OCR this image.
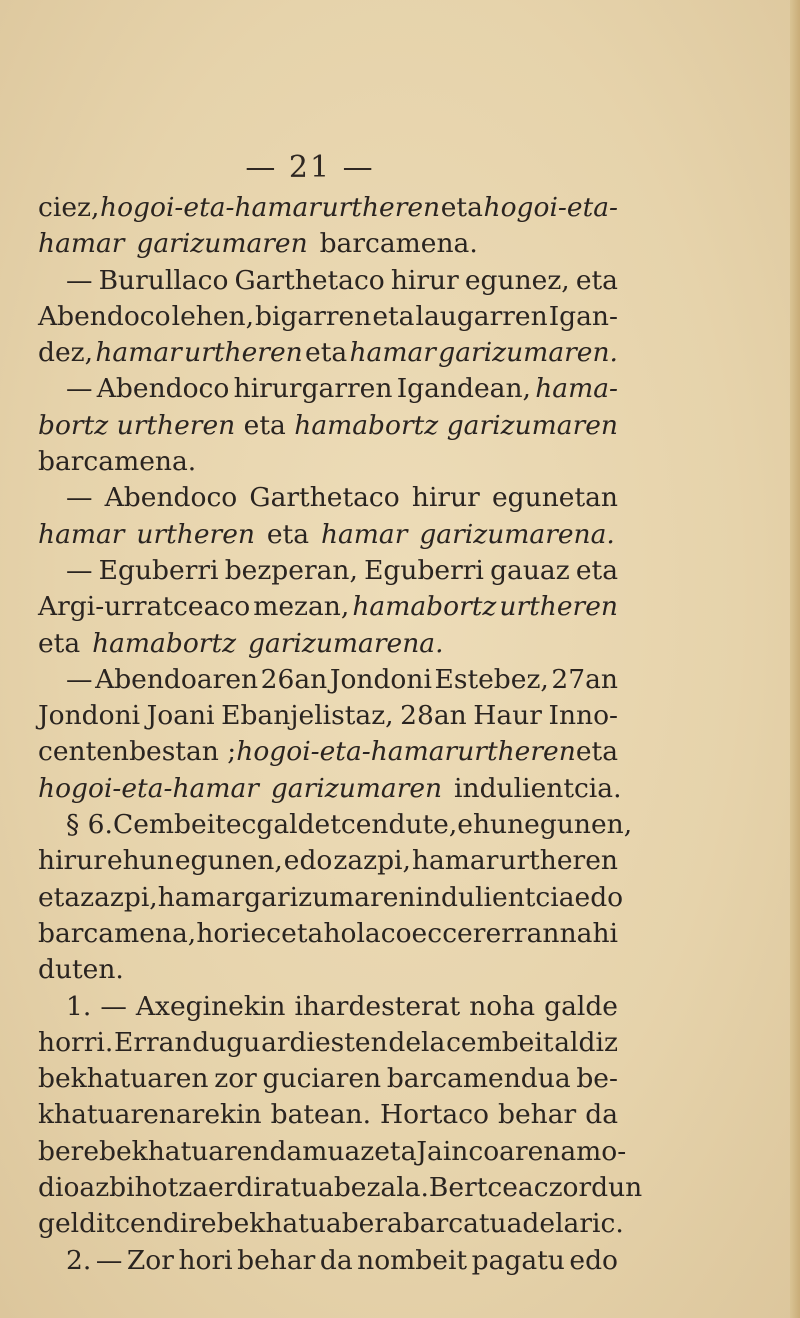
— 21 —
ciez, hogoi-eta-hamar urtheren eta hogoi-eta-
hamar garizumaren barcamena.
— Burullaco Garthetaco hirur egunez, eta
Abendoco lehen, bigarren eta laugarren Igan-
dez, hamar urtheren eta hamar garizumaren.
— Abendoco hirurgarren Igandean, hama-
bortz urtheren eta hamabortz garizumaren
barcamena.
— Abendoco Garthetaco hirur egunetan
hamar urtheren eta hamar garizumarena.
— Eguberri bezperan, Eguberri gauaz eta
Argi-urratceaco mezan, hamabortz urtheren
eta hamabortz garizumarena.
— Abendoaren 26an Jondoni Estebez, 27an
Jondoni Joani Ebanjelistaz, 28an Haur Inno-
centen bestan ; hogoi-eta-hamar urtheren eta
hogoi-eta-hamar garizumaren indulientcia.
§ 6. Cembeitec galdetcen dute, ehun egunen,
hirur ehun egunen, edo zazpi, hamar urtheren
eta zazpi, hamar garizumaren indulientcia edo
barcamena, horiec eta holacoec cer erran nahi
duten.
1. — Axeginekin ihardesterat noha galde
horri. Erran dugu ardiesten dela cembeit aldiz
bekhatuaren zor guciaren barcamendua be-
khatuarenarekin batean. Hortaco behar da
bere bekhatuaren damuaz eta Jaincoaren amo-
dioaz bihotza erdiratua bezala. Bertceac zordun
gelditcen dire bekhatua bera barcatua delaric.
2. — Zor hori behar da nombeit pagatu edo
